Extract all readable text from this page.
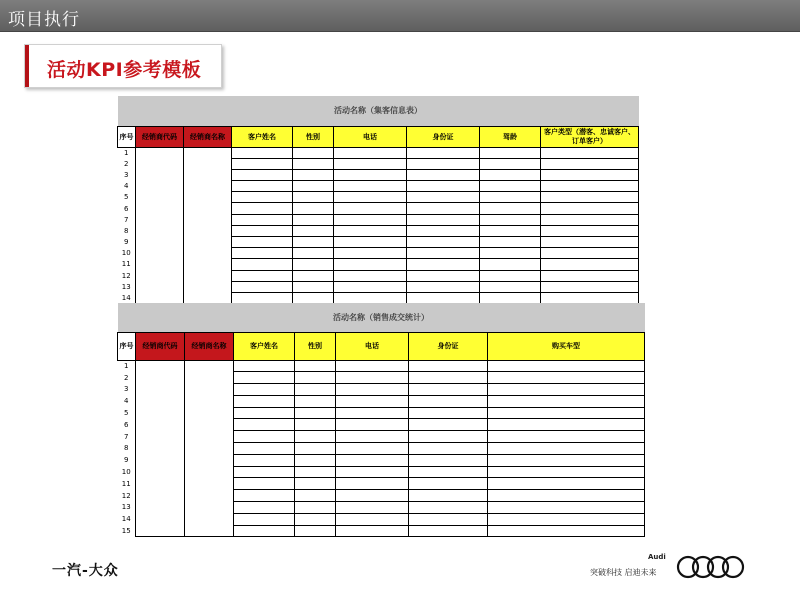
项目执行
活动KPI参考模板
活动名称（集客信息表）								
序号	经销商代码	经销商名称	客户姓名	性别	电话	身份证	驾龄	客户类型（潜客、忠诚客户、订单客户）
1								
2								
3								
4								
5								
6								
7								
8								
9								
10								
11								
12								
13								
14								
活动名称（销售成交统计）							
序号	经销商代码	经销商名称	客户姓名	性别	电话	身份证	购买车型
1							
2							
3							
4							
5							
6							
7							
8							
9							
10							
11							
12							
13							
14							
15							
一汽-大众
Audi
突破科技 启迪未来
